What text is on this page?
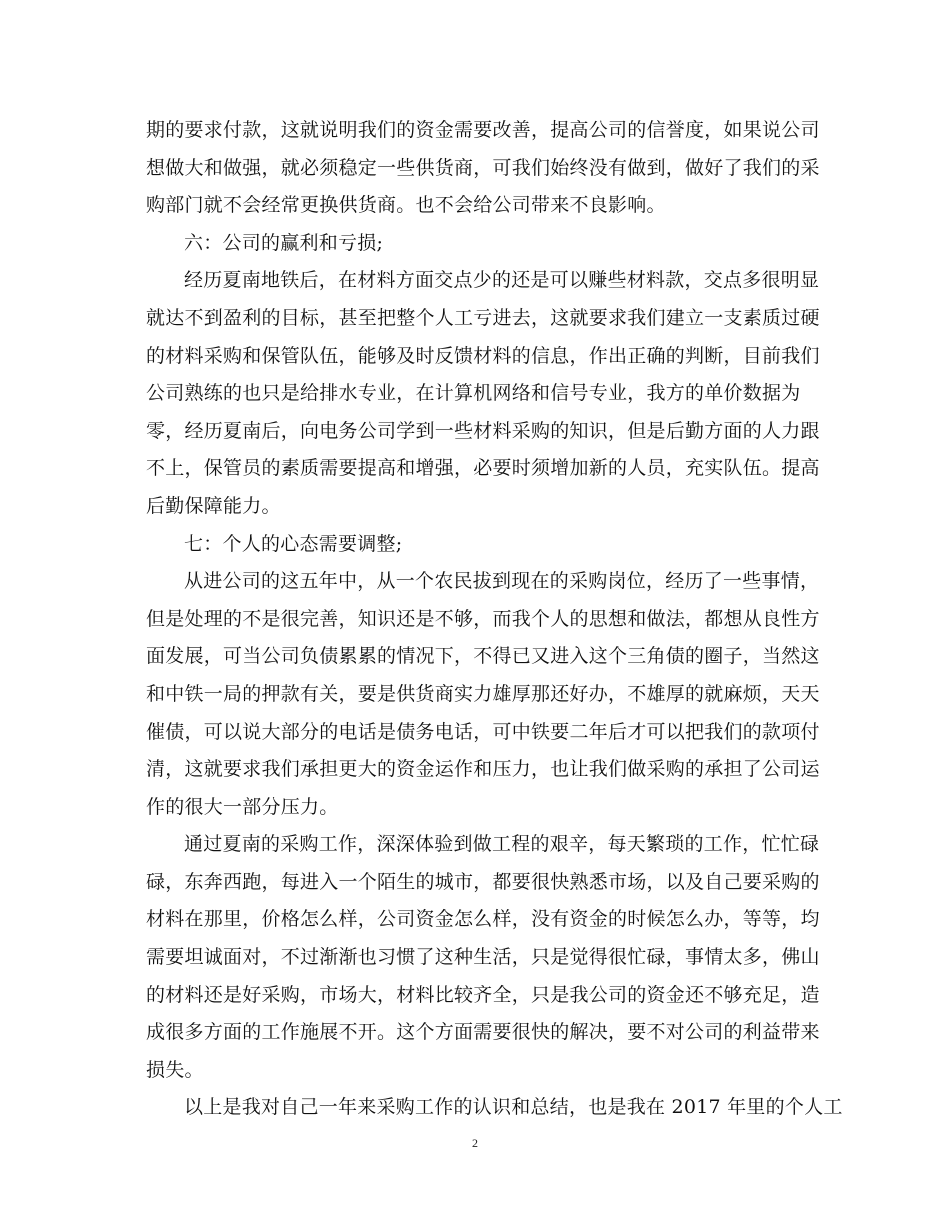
期的要求付款，这就说明我们的资金需要改善，提高公司的信誉度，如果说公司
想做大和做强，就必须稳定一些供货商，可我们始终没有做到，做好了我们的采
购部门就不会经常更换供货商。也不会给公司带来不良影响。
六：公司的赢利和亏损;
经历夏南地铁后，在材料方面交点少的还是可以赚些材料款，交点多很明显
就达不到盈利的目标，甚至把整个人工亏进去，这就要求我们建立一支素质过硬
的材料采购和保管队伍，能够及时反馈材料的信息，作出正确的判断，目前我们
公司熟练的也只是给排水专业，在计算机网络和信号专业，我方的单价数据为
零，经历夏南后，向电务公司学到一些材料采购的知识，但是后勤方面的人力跟
不上，保管员的素质需要提高和增强，必要时须增加新的人员，充实队伍。提高
后勤保障能力。
七：个人的心态需要调整;
从进公司的这五年中，从一个农民拔到现在的采购岗位，经历了一些事情，
但是处理的不是很完善，知识还是不够，而我个人的思想和做法，都想从良性方
面发展，可当公司负债累累的情况下，不得已又进入这个三角债的圈子，当然这
和中铁一局的押款有关，要是供货商实力雄厚那还好办，不雄厚的就麻烦，天天
催债，可以说大部分的电话是债务电话，可中铁要二年后才可以把我们的款项付
清，这就要求我们承担更大的资金运作和压力，也让我们做采购的承担了公司运
作的很大一部分压力。
通过夏南的采购工作，深深体验到做工程的艰辛，每天繁琐的工作，忙忙碌
碌，东奔西跑，每进入一个陌生的城市，都要很快熟悉市场，以及自己要采购的
材料在那里，价格怎么样，公司资金怎么样，没有资金的时候怎么办，等等，均
需要坦诚面对，不过渐渐也习惯了这种生活，只是觉得很忙碌，事情太多，佛山
的材料还是好采购，市场大，材料比较齐全，只是我公司的资金还不够充足，造
成很多方面的工作施展不开。这个方面需要很快的解决，要不对公司的利益带来
损失。
以上是我对自己一年来采购工作的认识和总结，也是我在 2017 年里的个人工
2
